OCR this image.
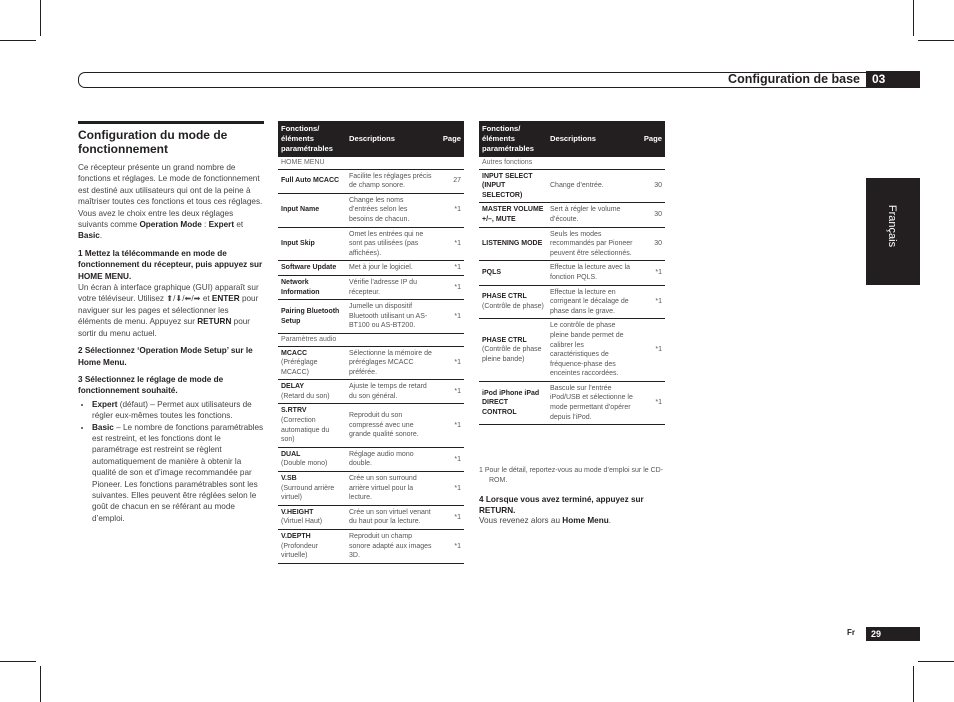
Configuration de base	03
Français
Configuration du mode de fonctionnement

Ce récepteur présente un grand nombre de fonctions et réglages. Le mode de fonctionnement est destiné aux utilisateurs qui ont de la peine à maîtriser toutes ces fonctions et tous ces réglages.

Vous avez le choix entre les deux réglages suivants comme Operation Mode : Expert et Basic.

1 Mettez la télécommande en mode de fonctionnement du récepteur, puis appuyez sur HOME MENU.

Un écran à interface graphique (GUI) apparaît sur votre téléviseur. Utilisez ⬆/⬇/⬅/➡ et ENTER pour naviguer sur les pages et sélectionner les éléments de menu. Appuyez sur RETURN pour sortir du menu actuel.

2 Sélectionnez ‘Operation Mode Setup’ sur le Home Menu.

3 Sélectionnez le réglage de mode de fonctionnement souhaité.

• Expert (défaut) – Permet aux utilisateurs de régler eux-mêmes toutes les fonctions.
• Basic – Le nombre de fonctions paramétrables est restreint, et les fonctions dont le paramétrage est restreint se règlent automatiquement de manière à obtenir la qualité de son et d’image recommandée par Pioneer. Les fonctions paramétrables sont les suivantes. Elles peuvent être réglées selon le goût de chacun en se référant au mode d’emploi.
Fonctions/ éléments paramétrables	Descriptions	Page
HOME MENU		
Full Auto MCACC	Facilite les réglages précis de champ sonore.	27
Input Name	Change les noms d’entrées selon les besoins de chacun.	*1
Input Skip	Omet les entrées qui ne sont pas utilisées (pas affichées).	*1
Software Update	Met à jour le logiciel.	*1
Network Information	Vérifie l’adresse IP du récepteur.	*1
Pairing Bluetooth Setup	Jumelle un dispositif Bluetooth utilisant un AS-BT100 ou AS-BT200.	*1
Paramètres audio		
MCACC
(Préréglage MCACC)	Sélectionne la mémoire de préréglages MCACC préférée.	*1
DELAY
(Retard du son)	Ajuste le temps de retard du son général.	*1
S.RTRV
(Correction automatique du son)	Reproduit du son compressé avec une grande qualité sonore.	*1
DUAL
(Double mono)	Réglage audio mono double.	*1
V.SB
(Surround arrière virtuel)	Crée un son surround arrière virtuel pour la lecture.	*1
V.HEIGHT
(Virtuel Haut)	Crée un son virtuel venant du haut pour la lecture.	*1
V.DEPTH
(Profondeur virtuelle)	Reproduit un champ sonore adapté aux images 3D.	*1
Fonctions/ éléments paramétrables	Descriptions	Page
Autres fonctions		
INPUT SELECT (INPUT SELECTOR)	Change d’entrée.	30
MASTER VOLUME +/–, MUTE	Sert à régler le volume d’écoute.	30
LISTENING MODE	Seuls les modes recommandés par Pioneer peuvent être sélectionnés.	30
PQLS	Effectue la lecture avec la fonction PQLS.	*1
PHASE CTRL
(Contrôle de phase)	Effectue la lecture en corrigeant le décalage de phase dans le grave.	*1
PHASE CTRL
(Contrôle de phase pleine bande)	Le contrôle de phase pleine bande permet de calibrer les caractéristiques de fréquence-phase des enceintes raccordées.	*1
iPod iPhone iPad DIRECT CONTROL	Bascule sur l’entrée iPod/USB et sélectionne le mode permettant d’opérer depuis l’iPod.	*1
1 Pour le détail, reportez-vous au mode d’emploi sur le CD-ROM.
4 Lorsque vous avez terminé, appuyez sur RETURN.
Vous revenez alors au Home Menu.
Fr	29
